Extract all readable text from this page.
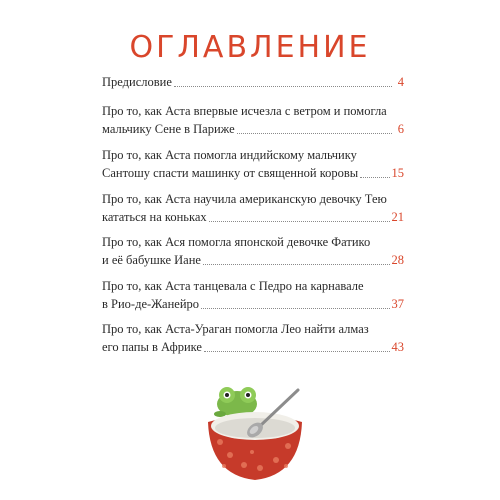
ОГЛАВЛЕНИЕ
Предисловие	4
Про то, как Аста впервые исчезла с ветром и помогла
мальчику Сене в Париже	6
Про то, как Аста помогла индийскому мальчику
Сантошу спасти машинку от священной коровы	15
Про то, как Аста научила американскую девочку Тею
кататься на коньках	21
Про то, как Ася помогла японской девочке Фатико
и её бабушке Иане	28
Про то, как Аста танцевала с Педро на карнавале
в Рио-де-Жанейро	37
Про то, как Аста-Ураган помогла Лео найти алмаз
его папы в Африке	43
